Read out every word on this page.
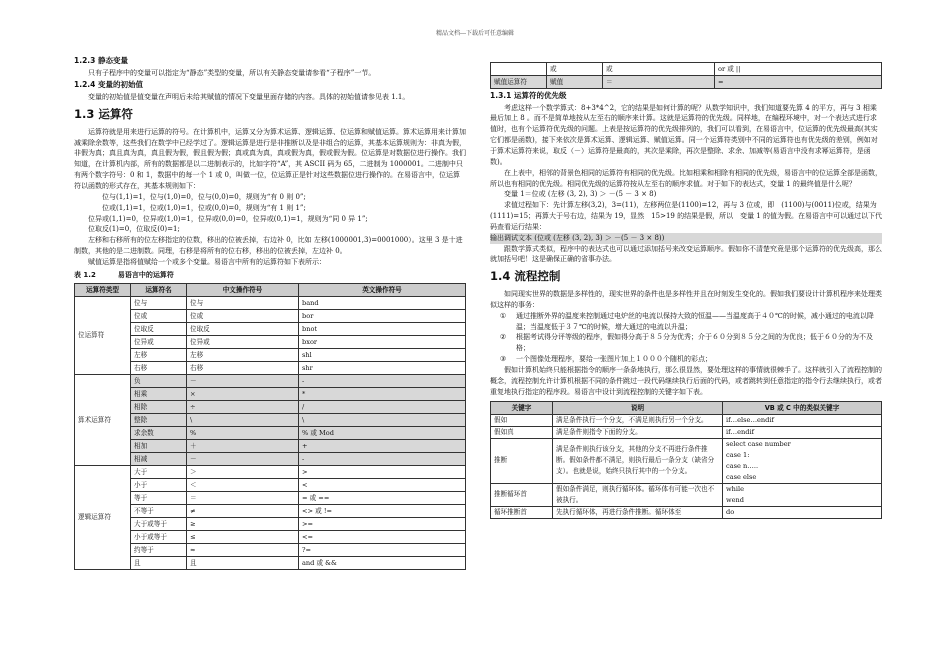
精品文档---下载后可任意编辑
1.2.3 静态变量

只有子程序中的变量可以指定为“静态”类型的变量，所以有关静态变量请参看“子程序”一节。

1.2.4 变量的初始值

变量的初始值是值变量在声明后未给其赋值的情况下变量里面存储的内容。具体的初始值请参见表 1.1。

1.3 运算符

运算符就是用来进行运算的符号。在计算机中，运算又分为算术运算、逻辑运算、位运算和赋值运算。算术运算用来计算加减乘除余数等，这些我们在数学中已经学过了。逻辑运算是进行是非推断以及是非组合的运算，其基本运算规则为：非真为假，非假为真；真且真为真，真且假为假，假且假为假；真或真为真，真或假为真，假或假为假。位运算是对数据位进行操作。我们知道，在计算机内部，所有的数据都是以二进制表示的，比如字符“A”，其 ASCII 码为 65，二进制为 1000001。二进制中只有两个数字符号：0 和 1，数据中的每一个 1 或 0，叫做一位，位运算正是针对这些数据位进行操作的。在易语言中，位运算符以函数的形式存在，其基本规则如下：

位与(1,1)=1，位与(1,0)=0，位与(0,0)=0，规则为“有 0 则 0”;

位或(1,1)=1，位或(1,0)=1，位或(0,0)=0，规则为“有 1 则 1”;

位异或(1,1)=0，位异或(1,0)=1，位异或(0,0)=0，位异或(0,1)=1，规则为“同 0 异 1”;

位取反(1)=0，位取反(0)=1;

左移和右移所有的位左移指定的位数，移出的位被丢掉，右边补 0，比如 左移(1000001,3)=0001000）。这里 3 是十进制数，其他的是二进制数。同理，右移是将所有的位右移，移出的位被丢掉，左边补 0。

赋值运算是指将值赋给一个或多个变量。易语言中所有的运算符如下表所示：

表 1.2	易语言中的运算符
运算符类型	运算符名	中文操作符号	英文操作符号
位运算符	位与	位与	band
	位或	位或	bor
	位取反	位取反	bnot
	位异或	位异或	bxor
	左移	左移	shl
	右移	右移	shr
算术运算符	负	－	-
	相乘	×	*
	相除	÷	/
	整除	\	\
	求余数	%	% 或 Mod
	相加	＋	+
	相减	－	-
逻辑运算符	大于	＞	>
	小于	＜	<
	等于	＝	= 或 ==
	不等于	≠	<> 或 !=
	大于或等于	≥	>=
	小于或等于	≤	<=
	约等于	≈	?=
	且	且	and 或 &&
	或	或	or 或 ||
赋值运算符	赋值	＝	=
1.3.1 运算符的优先级

考虑这样一个数学算式：8+3*4^2，它的结果是如何计算的呢？从数学知识中，我们知道要先算 4 的平方，再与 3 相乘最后加上 8 。而不是简单地按从左至右的顺序来计算。这就是运算符的优先级。同样地，在编程环境中，对一个表达式进行求值时，也有个运算符优先级的问题。上表是按运算符的优先级排列的，我们可以看到，在易语言中，位运算的优先级最高(其实它们都是函数)，接下来依次是算术运算、逻辑运算、赋值运算。同一个运算符类别中不同的运算符也有优先级的差别，例如对于算术运算符来说，取反（－）运算符是最高的，其次是乘除，再次是整除、求余、加减等(易语言中没有求幂运算符，是函数)。

在上表中，相邻的背景色相同的运算符有相同的优先级。比如相乘和相除有相同的优先级，易语言中的位运算全部是函数，所以也有相同的优先级。相同优先级的运算符按从左至右的顺序求值。对于如下的表达式，变量 1 的最终值是什么呢？

变量 1＝位或 (左移 (3, 2), 3) ＞ －(5 － 3 × 8)

求值过程如下：先计算左移(3,2)，3=(11)，左移两位是(1100)=12，再与 3 位或，即　(1100)与(0011)位或，结果为(1111)=15；再算大于号右边，结果为 19，显然　15>19 的结果是假，所以　变量 1 的值为假。在易语言中可以通过以下代码查看运行结果：

输出调试文本 (位或 (左移 (3, 2), 3) ＞ －(5 － 3 × 8))

跟数学算式类似，程序中的表达式也可以通过添加括号来改变运算顺序。假如你不清楚究竟是那个运算符的优先级高，那么就加括号吧！这是确保正确的省事办法。

1.4 流程控制

如同现实世界的数据是多样性的，现实世界的条件也是多样性并且在时刻发生变化的。假如我们要设计计算机程序来处理类似这样的事务：

①	通过推断外界的温度来控制通过电炉丝的电流以保持大致的恒温——当温度高于４０℃的时候，减小通过的电流以降温；当温度低于３７℃的时候，增大通过的电流以升温；
②	根据考试得分评等级的程序，假如得分高于８５分为优秀；介于６０分到８５分之间的为优良；低于６０分的为不及格；
③	一个图像处理程序，要给一张图片加上１０００个随机的彩点；

假如计算机始终只能根据指令的顺序一条条地执行，那么很显然，要处理这样的事情就很棘手了。这样就引入了流程控制的概念，流程控制允许计算机根据不同的条件跳过一段代码继续执行后面的代码，或者跳转到任意指定的指令行去继续执行，或者重复地执行指定的程序段。易语言中设计到流程控制的关键字如下表。

关键字	说明	VB 或 C 中的类似关键字
假如	满足条件执行一个分支，不满足则执行另一个分支。	if…else…endif
假如真	满足条件则指令下面的分支。	if…endif
推断	满足条件则执行该分支，其他的分支不再进行条件推断。假如条件都不满足，则执行最后一条分支（缺省分支）。也就是说，始终只执行其中的一个分支。	select case number
case 1:
case n…..
case else
推断循环首	假如条件满足，则执行循环体。循环体有可能一次也不被执行。	while
wend
循环推断首	先执行循环体，再进行条件推断。循环体至	do
